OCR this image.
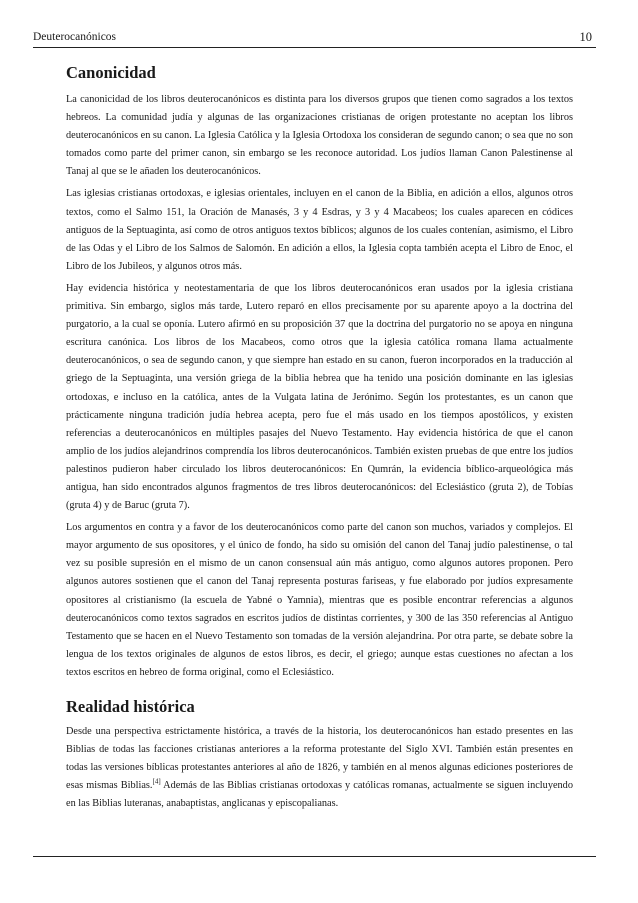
Deuterocanónicos	10
Canonicidad

La canonicidad de los libros deuterocanónicos es distinta para los diversos grupos que tienen como sagrados a los textos hebreos. La comunidad judía y algunas de las organizaciones cristianas de origen protestante no aceptan los libros deuterocanónicos en su canon. La Iglesia Católica y la Iglesia Ortodoxa los consideran de segundo canon; o sea que no son tomados como parte del primer canon, sin embargo se les reconoce autoridad. Los judíos llaman Canon Palestinense al Tanaj al que se le añaden los deuterocanónicos.

Las iglesias cristianas ortodoxas, e iglesias orientales, incluyen en el canon de la Biblia, en adición a ellos, algunos otros textos, como el Salmo 151, la Oración de Manasés, 3 y 4 Esdras, y 3 y 4 Macabeos; los cuales aparecen en códices antiguos de la Septuaginta, así como de otros antiguos textos bíblicos; algunos de los cuales contenían, asimismo, el Libro de las Odas y el Libro de los Salmos de Salomón. En adición a ellos, la Iglesia copta también acepta el Libro de Enoc, el Libro de los Jubileos, y algunos otros más.

Hay evidencia histórica y neotestamentaria de que los libros deuterocanónicos eran usados por la iglesia cristiana primitiva. Sin embargo, siglos más tarde, Lutero reparó en ellos precisamente por su aparente apoyo a la doctrina del purgatorio, a la cual se oponía. Lutero afirmó en su proposición 37 que la doctrina del purgatorio no se apoya en ninguna escritura canónica. Los libros de los Macabeos, como otros que la iglesia católica romana llama actualmente deuterocanónicos, o sea de segundo canon, y que siempre han estado en su canon, fueron incorporados en la traducción al griego de la Septuaginta, una versión griega de la biblia hebrea que ha tenido una posición dominante en las iglesias ortodoxas, e incluso en la católica, antes de la Vulgata latina de Jerónimo. Según los protestantes, es un canon que prácticamente ninguna tradición judía hebrea acepta, pero fue el más usado en los tiempos apostólicos, y existen referencias a deuterocanónicos en múltiples pasajes del Nuevo Testamento. Hay evidencia histórica de que el canon amplio de los judíos alejandrinos comprendía los libros deuterocanónicos. También existen pruebas de que entre los judíos palestinos pudieron haber circulado los libros deuterocanónicos: En Qumrán, la evidencia bíblico-arqueológica más antigua, han sido encontrados algunos fragmentos de tres libros deuterocanónicos: del Eclesiástico (gruta 2), de Tobías (gruta 4) y de Baruc (gruta 7).

Los argumentos en contra y a favor de los deuterocanónicos como parte del canon son muchos, variados y complejos. El mayor argumento de sus opositores, y el único de fondo, ha sido su omisión del canon del Tanaj judío palestinense, o tal vez su posible supresión en el mismo de un canon consensual aún más antiguo, como algunos autores proponen. Pero algunos autores sostienen que el canon del Tanaj representa posturas fariseas, y fue elaborado por judíos expresamente opositores al cristianismo (la escuela de Yabné o Yamnia), mientras que es posible encontrar referencias a algunos deuterocanónicos como textos sagrados en escritos judíos de distintas corrientes, y 300 de las 350 referencias al Antiguo Testamento que se hacen en el Nuevo Testamento son tomadas de la versión alejandrina. Por otra parte, se debate sobre la lengua de los textos originales de algunos de estos libros, es decir, el griego; aunque estas cuestiones no afectan a los textos escritos en hebreo de forma original, como el Eclesiástico.

Realidad histórica

Desde una perspectiva estrictamente histórica, a través de la historia, los deuterocanónicos han estado presentes en las Biblias de todas las facciones cristianas anteriores a la reforma protestante del Siglo XVI. También están presentes en todas las versiones bíblicas protestantes anteriores al año de 1826, y también en al menos algunas ediciones posteriores de esas mismas Biblias.[4] Además de las Biblias cristianas ortodoxas y católicas romanas, actualmente se siguen incluyendo en las Biblias luteranas, anabaptistas, anglicanas y episcopalianas.
